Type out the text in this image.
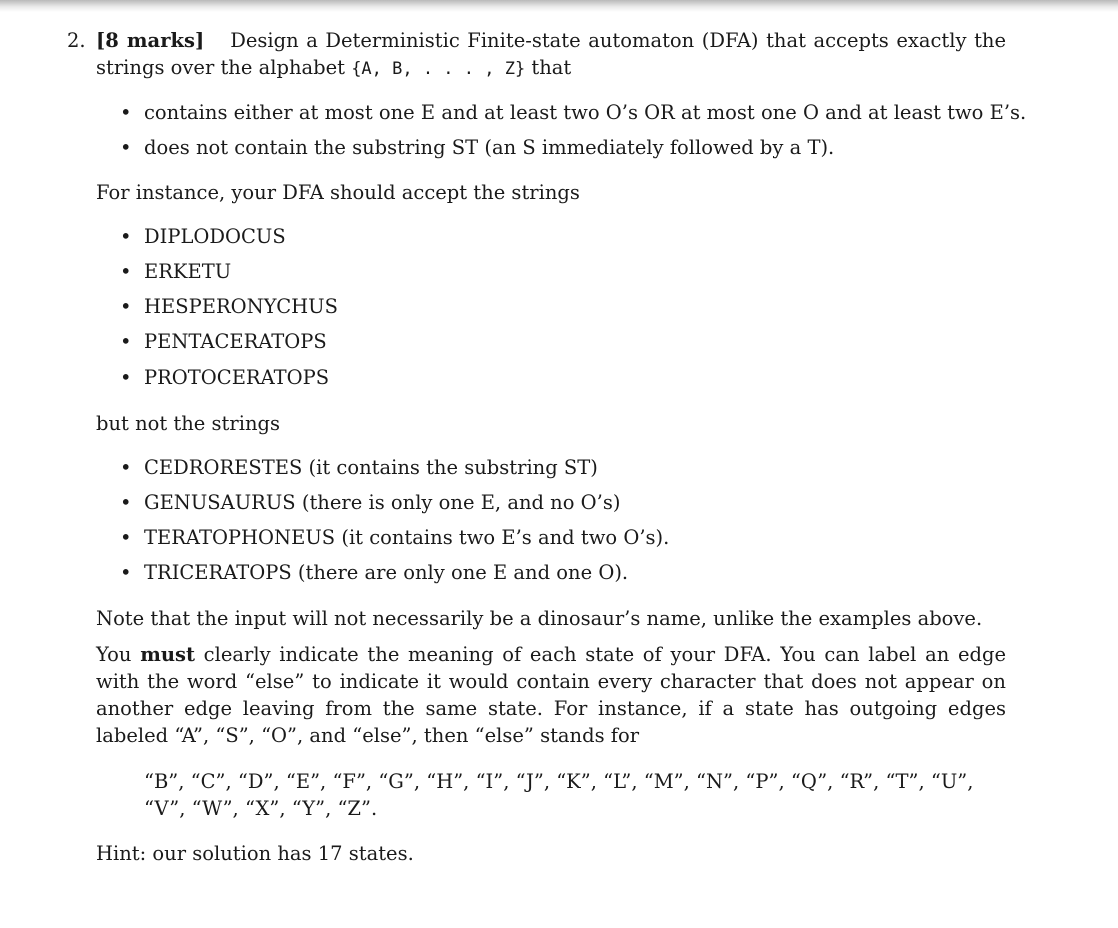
2. [8 marks] Design a Deterministic Finite-state automaton (DFA) that accepts exactly the strings over the alphabet {A, B, . . . , Z} that
• contains either at most one E and at least two O’s OR at most one O and at least two E’s.
• does not contain the substring ST (an S immediately followed by a T).
For instance, your DFA should accept the strings
• DIPLODOCUS
• ERKETU
• HESPERONYCHUS
• PENTACERATOPS
• PROTOCERATOPS
but not the strings
• CEDRORESTES (it contains the substring ST)
• GENUSAURUS (there is only one E, and no O’s)
• TERATOPHONEUS (it contains two E’s and two O’s).
• TRICERATOPS (there are only one E and one O).
Note that the input will not necessarily be a dinosaur’s name, unlike the examples above.
You must clearly indicate the meaning of each state of your DFA. You can label an edge with the word “else” to indicate it would contain every character that does not appear on another edge leaving from the same state. For instance, if a state has outgoing edges labeled “A”, “S”, “O”, and “else”, then “else” stands for
“B”, “C”, “D”, “E”, “F”, “G”, “H”, “I”, “J”, “K”, “L”, “M”, “N”, “P”, “Q”, “R”, “T”, “U”, “V”, “W”, “X”, “Y”, “Z”.
Hint: our solution has 17 states.
